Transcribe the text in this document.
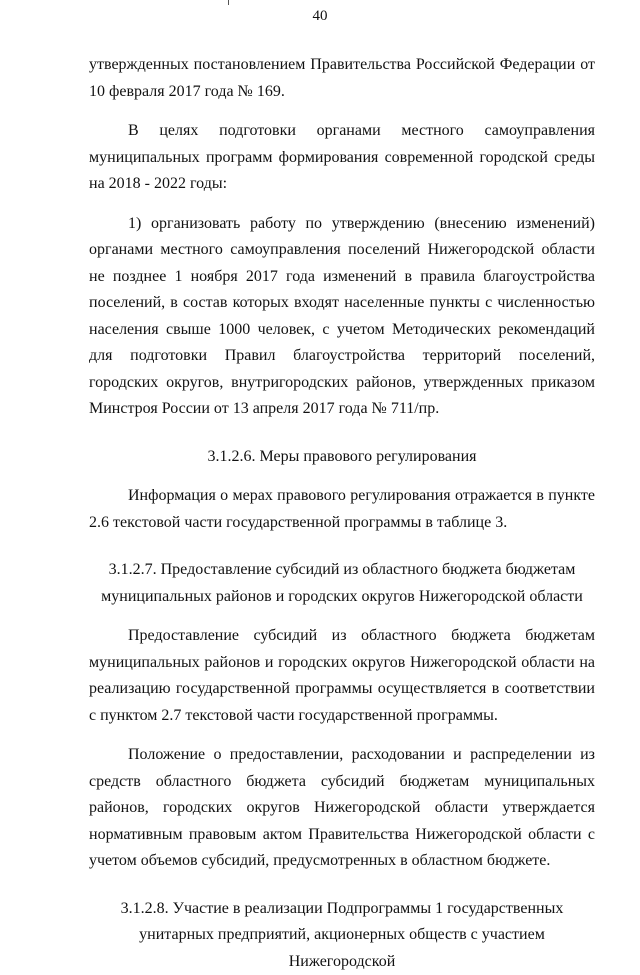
40

утвержденных постановлением Правительства Российской Федерации от 10 февраля 2017 года № 169.

В целях подготовки органами местного самоуправления муниципальных программ формирования современной городской среды на 2018 - 2022 годы:

1) организовать работу по утверждению (внесению изменений) органами местного самоуправления поселений Нижегородской области не позднее 1 ноября 2017 года изменений в правила благоустройства поселений, в состав которых входят населенные пункты с численностью населения свыше 1000 человек, с учетом Методических рекомендаций для подготовки Правил благоустройства территорий поселений, городских округов, внутригородских районов, утвержденных приказом Минстроя России от 13 апреля 2017 года № 711/пр.

3.1.2.6. Меры правового регулирования

Информация о мерах правового регулирования отражается в пункте 2.6 текстовой части государственной программы в таблице 3.

3.1.2.7. Предоставление субсидий из областного бюджета бюджетам муниципальных районов и городских округов Нижегородской области

Предоставление субсидий из областного бюджета бюджетам муниципальных районов и городских округов Нижегородской области на реализацию государственной программы осуществляется в соответствии с пунктом 2.7 текстовой части государственной программы.

Положение о предоставлении, расходовании и распределении из средств областного бюджета субсидий бюджетам муниципальных районов, городских округов Нижегородской области утверждается нормативным правовым актом Правительства Нижегородской области с учетом объемов субсидий, предусмотренных в областном бюджете.

3.1.2.8. Участие в реализации Подпрограммы 1 государственных унитарных предприятий, акционерных обществ с участием Нижегородской
